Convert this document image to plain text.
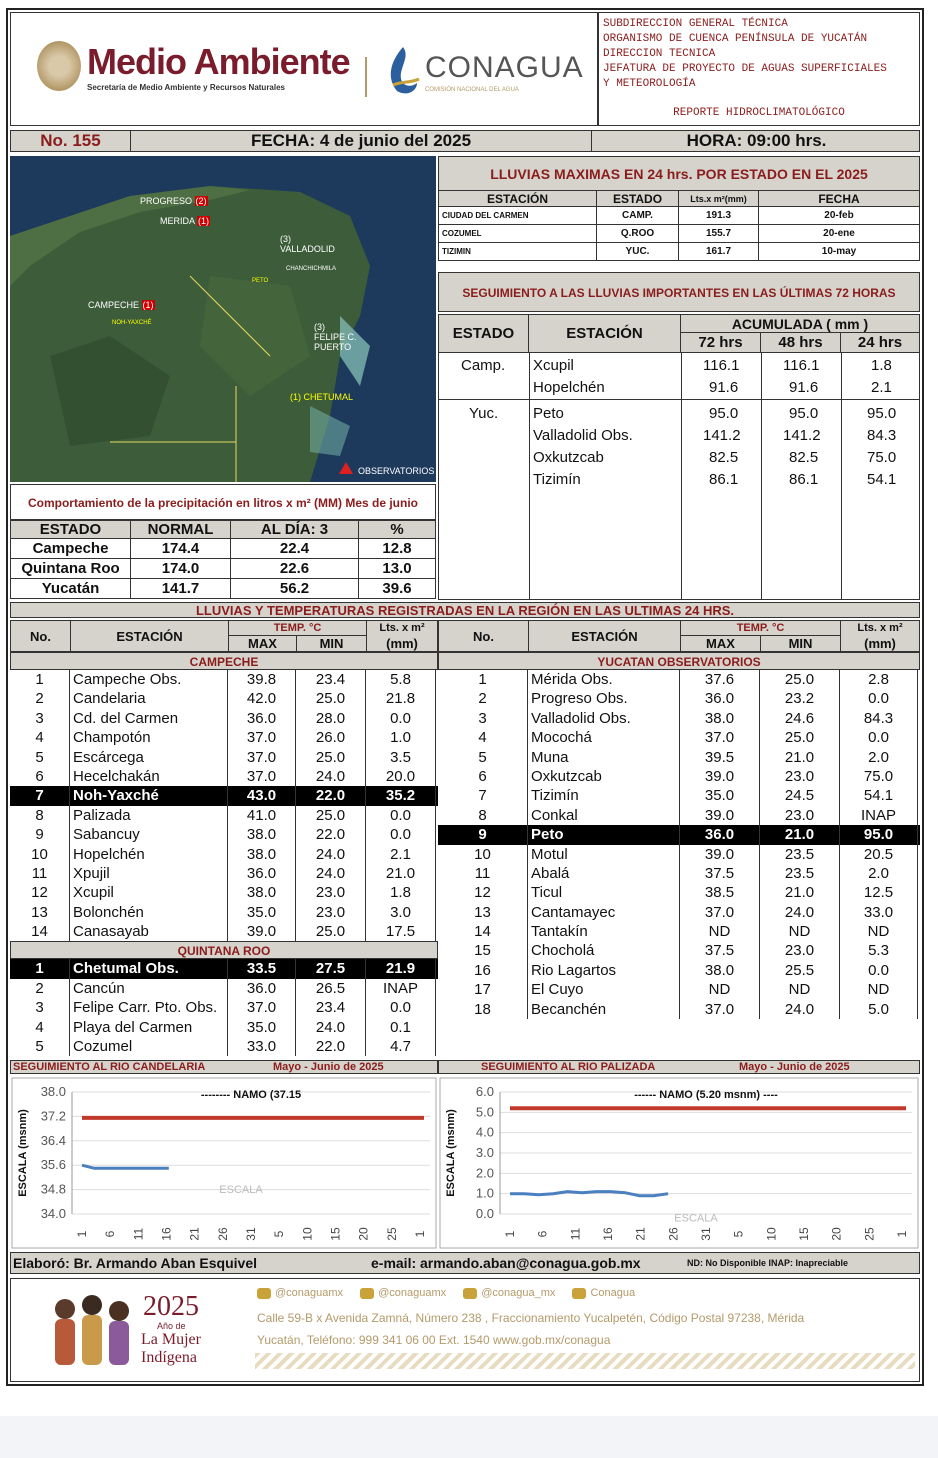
Medio Ambiente
Secretaría de Medio Ambiente y Recursos Naturales
CONAGUA
COMISIÓN NACIONAL DEL AGUA
SUBDIRECCION GENERAL TÉCNICA
ORGANISMO DE CUENCA PENÍNSULA DE YUCATÁN
DIRECCION TECNICA
JEFATURA DE PROYECTO DE AGUAS SUPERFICIALES
Y METEOROLOGÍA
REPORTE HIDROCLIMATOLÓGICO
No. 155	FECHA: 4 de junio del 2025	HORA: 09:00 hrs.
PROGRESO (2)
MERIDA (1)
(3)
VALLADOLID
CHANCHICHMILA
PETO
CAMPECHE (1)
NOH-YAXCHÉ	(3)
FELIPE C. PUERTO
(1) CHETUMAL
OBSERVATORIOS
LLUVIAS MAXIMAS EN 24 hrs. POR ESTADO EN EL 2025			
ESTACIÓN	ESTADO	Lts.x m²(mm)	FECHA
CIUDAD DEL CARMEN	CAMP.	191.3	20-feb
COZUMEL	Q.ROO	155.7	20-ene
TIZIMIN	YUC.	161.7	10-may
SEGUIMIENTO A LAS LLUVIAS IMPORTANTES EN LAS ÚLTIMAS 72 HORAS
ESTADO	ESTACIÓN
ACUMULADA ( mm )
72 hrs	48 hrs	24 hrs
Camp. Xcupil	116.1	116.1	1.8
Hopelchén	91.6	91.6	2.1
Yuc. Peto	95.0	95.0	95.0
Valladolid Obs.	141.2	141.2	84.3
Oxkutzcab	82.5	82.5	75.0
Tizimín	86.1	86.1	54.1
Comportamiento de la precipitación en litros x m² (MM) Mes de junio
ESTADO	NORMAL	AL DÍA: 3	%
Campeche	174.4	22.4	12.8
Quintana Roo	174.0	22.6	13.0
Yucatán	141.7	56.2	39.6
LLUVIAS Y TEMPERATURAS REGISTRADAS EN LA REGIÓN EN LAS ULTIMAS 24 HRS.
No.	ESTACIÓN	TEMP. °C		Lts. x m²
		MAX	MIN	(mm)	No.	ESTACIÓN	TEMP. °C		Lts. x m²
		MAX	MIN	(mm)
CAMPECHE
1	Campeche Obs.	39.8	23.4	5.8
2	Candelaria	42.0	25.0	21.8
3	Cd. del Carmen	36.0	28.0	0.0
4	Champotón	37.0	26.0	1.0
5	Escárcega	37.0	25.0	3.5
6	Hecelchakán	37.0	24.0	20.0
7	Noh-Yaxché	43.0	22.0	35.2
8	Palizada	41.0	25.0	0.0
9	Sabancuy	38.0	22.0	0.0
10	Hopelchén	38.0	24.0	2.1
11	Xpujil	36.0	24.0	21.0
12	Xcupil	38.0	23.0	1.8
13	Bolonchén	35.0	23.0	3.0
14	Canasayab	39.0	25.0	17.5
QUINTANA ROO
1	Chetumal Obs.	33.5	27.5	21.9
2	Cancún	36.0	26.5	INAP
3	Felipe Carr. Pto. Obs.	37.0	23.4	0.0
4	Playa del Carmen	35.0	24.0	0.1
5	Cozumel	33.0	22.0	4.7
YUCATAN OBSERVATORIOS
1	Mérida Obs.	37.6	25.0	2.8
2	Progreso Obs.	36.0	23.2	0.0
3	Valladolid Obs.	38.0	24.6	84.3
4	Mocochá	37.0	25.0	0.0
5	Muna	39.5	21.0	2.0
6	Oxkutzcab	39.0	23.0	75.0
7	Tizimín	35.0	24.5	54.1
8	Conkal	39.0	23.0	INAP
9	Peto	36.0	21.0	95.0
10	Motul	39.0	23.5	20.5
11	Abalá	37.5	23.5	2.0
12	Ticul	38.5	21.0	12.5
13	Cantamayec	37.0	24.0	33.0
14	Tantakín	ND	ND	ND
15	Chocholá	37.5	23.0	5.3
16	Rio Lagartos	38.0	25.5	0.0
17	El Cuyo	ND	ND	ND
18	Becanchén	37.0	24.0	5.0
SEGUIMIENTO AL RIO CANDELARIA	Mayo - Junio de 2025	SEGUIMIENTO AL RIO PALIZADA	Mayo - Junio de 2025
38.0
37.2
36.4
35.6
34.8
34.0
ESCALA (msnm)
1 6 11 16 21 26 31 5 10 15 20 25 1
-------- NAMO (37.15
ESCALA
6.0
5.0
4.0
3.0
2.0
1.0
0.0
ESCALA (msnm)
1 6 11 16 21 26 31 5 10 15 20 25 1
------ NAMO (5.20 msnm) ----
ESCALA
Elaboró: Br. Armando Aban Esquivel	e-mail: armando.aban@conagua.gob.mx	ND: No Disponible INAP: Inapreciable
2025
Año de
La Mujer
Indígena
@conaguamx	@conaguamx	@conagua_mx	Conagua
Calle 59-B x Avenida Zamná, Número 238 , Fraccionamiento Yucalpetén, Código Postal 97238, Mérida
Yucatán, Teléfono: 999 341 06 00 Ext. 1540 www.gob.mx/conagua
